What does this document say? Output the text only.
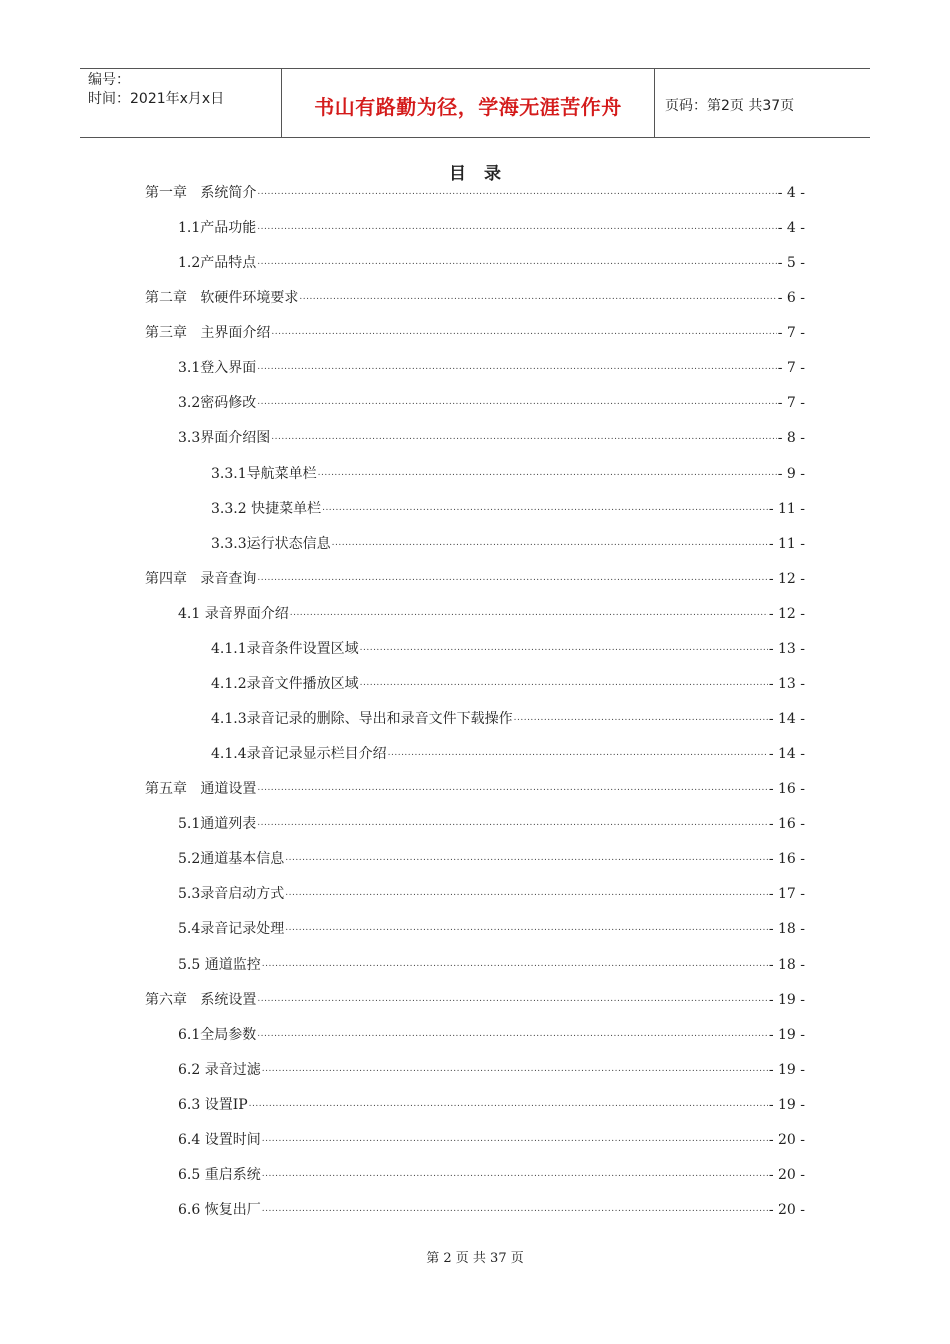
编号：
时间：2021年x月x日	书山有路勤为径，学海无涯苦作舟	页码：第2页 共37页
目录
第一章   系统简介 .....	- 4 -
1.1产品功能 .....	- 4 -
1.2产品特点 .....	- 5 -
第二章   软硬件环境要求 .....	- 6 -
第三章   主界面介绍 .....	- 7 -
3.1登入界面 .....	- 7 -
3.2密码修改 .....	- 7 -
3.3界面介绍图 .....	- 8 -
3.3.1导航菜单栏 .....	- 9 -
3.3.2 快捷菜单栏 .....	- 11 -
3.3.3运行状态信息 .....	- 11 -
第四章   录音查询 .....	- 12 -
4.1 录音界面介绍 .....	- 12 -
4.1.1录音条件设置区域 .....	- 13 -
4.1.2录音文件播放区域 .....	- 13 -
4.1.3录音记录的删除、导出和录音文件下载操作 .....	- 14 -
4.1.4录音记录显示栏目介绍 .....	- 14 -
第五章   通道设置 .....	- 16 -
5.1通道列表 .....	- 16 -
5.2通道基本信息 .....	- 16 -
5.3录音启动方式 .....	- 17 -
5.4录音记录处理 .....	- 18 -
5.5 通道监控 .....	- 18 -
第六章   系统设置 .....	- 19 -
6.1全局参数 .....	- 19 -
6.2 录音过滤 .....	- 19 -
6.3 设置IP .....	- 19 -
6.4 设置时间 .....	- 20 -
6.5 重启系统 .....	- 20 -
6.6 恢复出厂 .....	- 20 -
第 2 页 共 37 页
